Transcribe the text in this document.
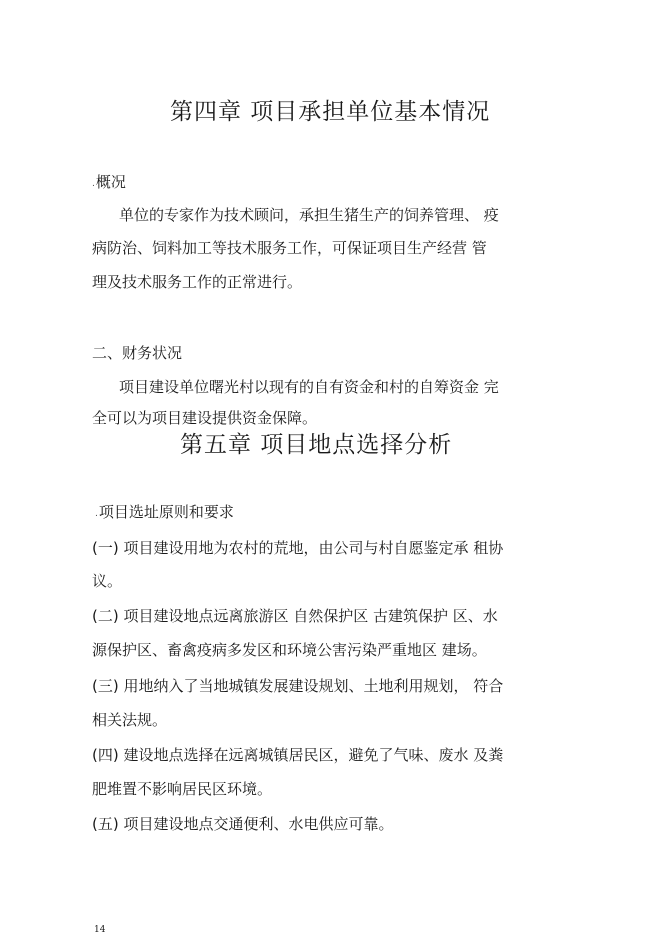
第四章 项目承担单位基本情况
.概况
单位的专家作为技术顾问，承担生猪生产的饲养管理、 疫
病防治、饲料加工等技术服务工作，可保证项目生产经营 管
理及技术服务工作的正常进行。
二、财务状况
项目建设单位曙光村以现有的自有资金和村的自筹资金 完
全可以为项目建设提供资金保障。
第五章 项目地点选择分析
.项目选址原则和要求
(一) 项目建设用地为农村的荒地，由公司与村自愿鉴定承 租协
议。
(二) 项目建设地点远离旅游区 自然保护区 古建筑保护 区、水
源保护区、畜禽疫病多发区和环境公害污染严重地区 建场。
(三) 用地纳入了当地城镇发展建设规划、土地利用规划， 符合
相关法规。
(四) 建设地点选择在远离城镇居民区，避免了气味、废水 及粪
肥堆置不影响居民区环境。
(五) 项目建设地点交通便利、水电供应可靠。
14
